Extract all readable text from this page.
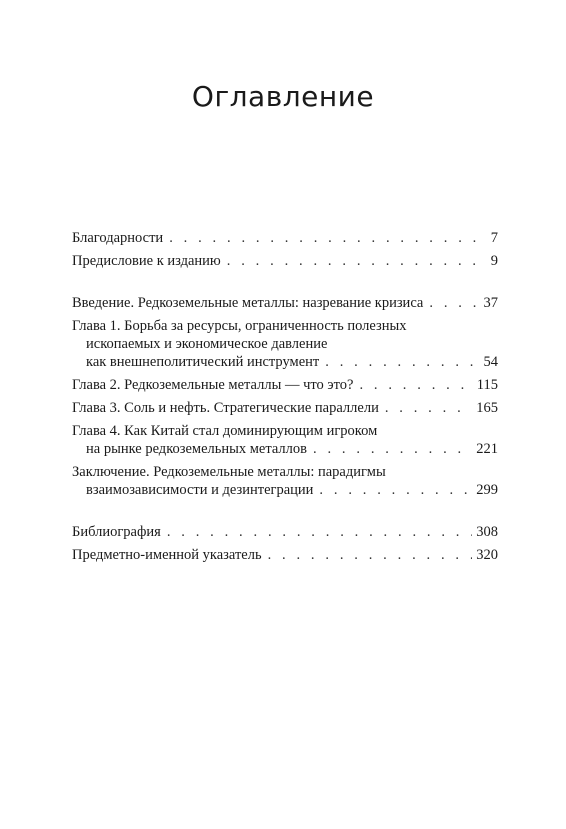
Оглавление
Благодарности . . .	7
Предисловие к изданию . . .	9
Введение. Редкоземельные металлы: назревание кризиса . . .	37
Глава 1. Борьба за ресурсы, ограниченность полезных
ископаемых и экономическое давление
как внешнеполитический инструмент . . .	54
Глава 2. Редкоземельные металлы — что это? . . .	115
Глава 3. Соль и нефть. Стратегические параллели . . .	165
Глава 4. Как Китай стал доминирующим игроком
на рынке редкоземельных металлов . . .	221
Заключение. Редкоземельные металлы: парадигмы
взаимозависимости и дезинтеграции . . .	299
Библиография . . .	308
Предметно-именной указатель . . .	320
